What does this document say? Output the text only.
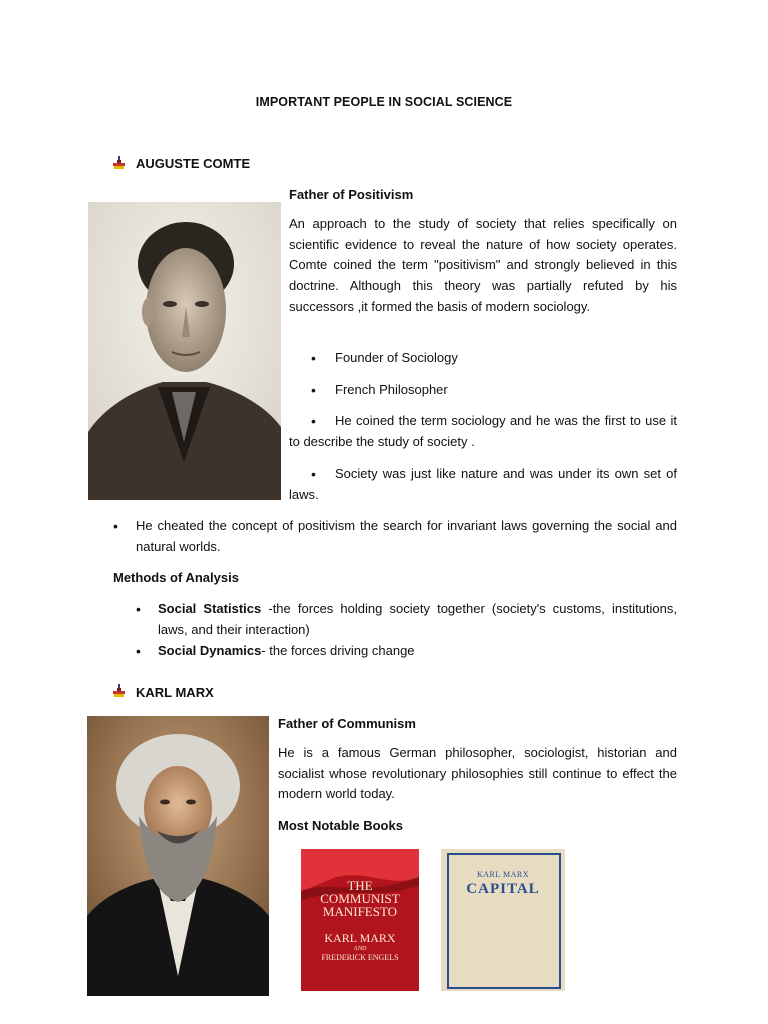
IMPORTANT PEOPLE IN SOCIAL SCIENCE
AUGUSTE COMTE
Father of Positivism
An approach to the study of society that relies specifically on scientific evidence to reveal the nature of how society operates. Comte coined the term "positivism" and strongly believed in this doctrine. Although this theory was partially refuted by his successors ,it formed the basis of modern sociology.
• Founder of Sociology
• French Philosopher
•	He coined the term sociology and he was the first to use it to describe the study of society .
•	Society was just like nature and was under its own set of laws.
• He cheated the concept of positivism the search for invariant laws governing the social and natural worlds.
Methods of Analysis
• Social Statistics -the forces holding society together (society's customs, institutions, laws, and their interaction)
• Social Dynamics- the forces driving change
KARL MARX
Father of Communism
He is a famous German philosopher, sociologist, historian and socialist whose revolutionary philosophies still continue to effect the modern world today.
Most Notable Books
THE
COMMUNIST
MANIFESTO
KARL MARX
AND
FREDERICK ENGELS
KARL MARX
CAPITAL
